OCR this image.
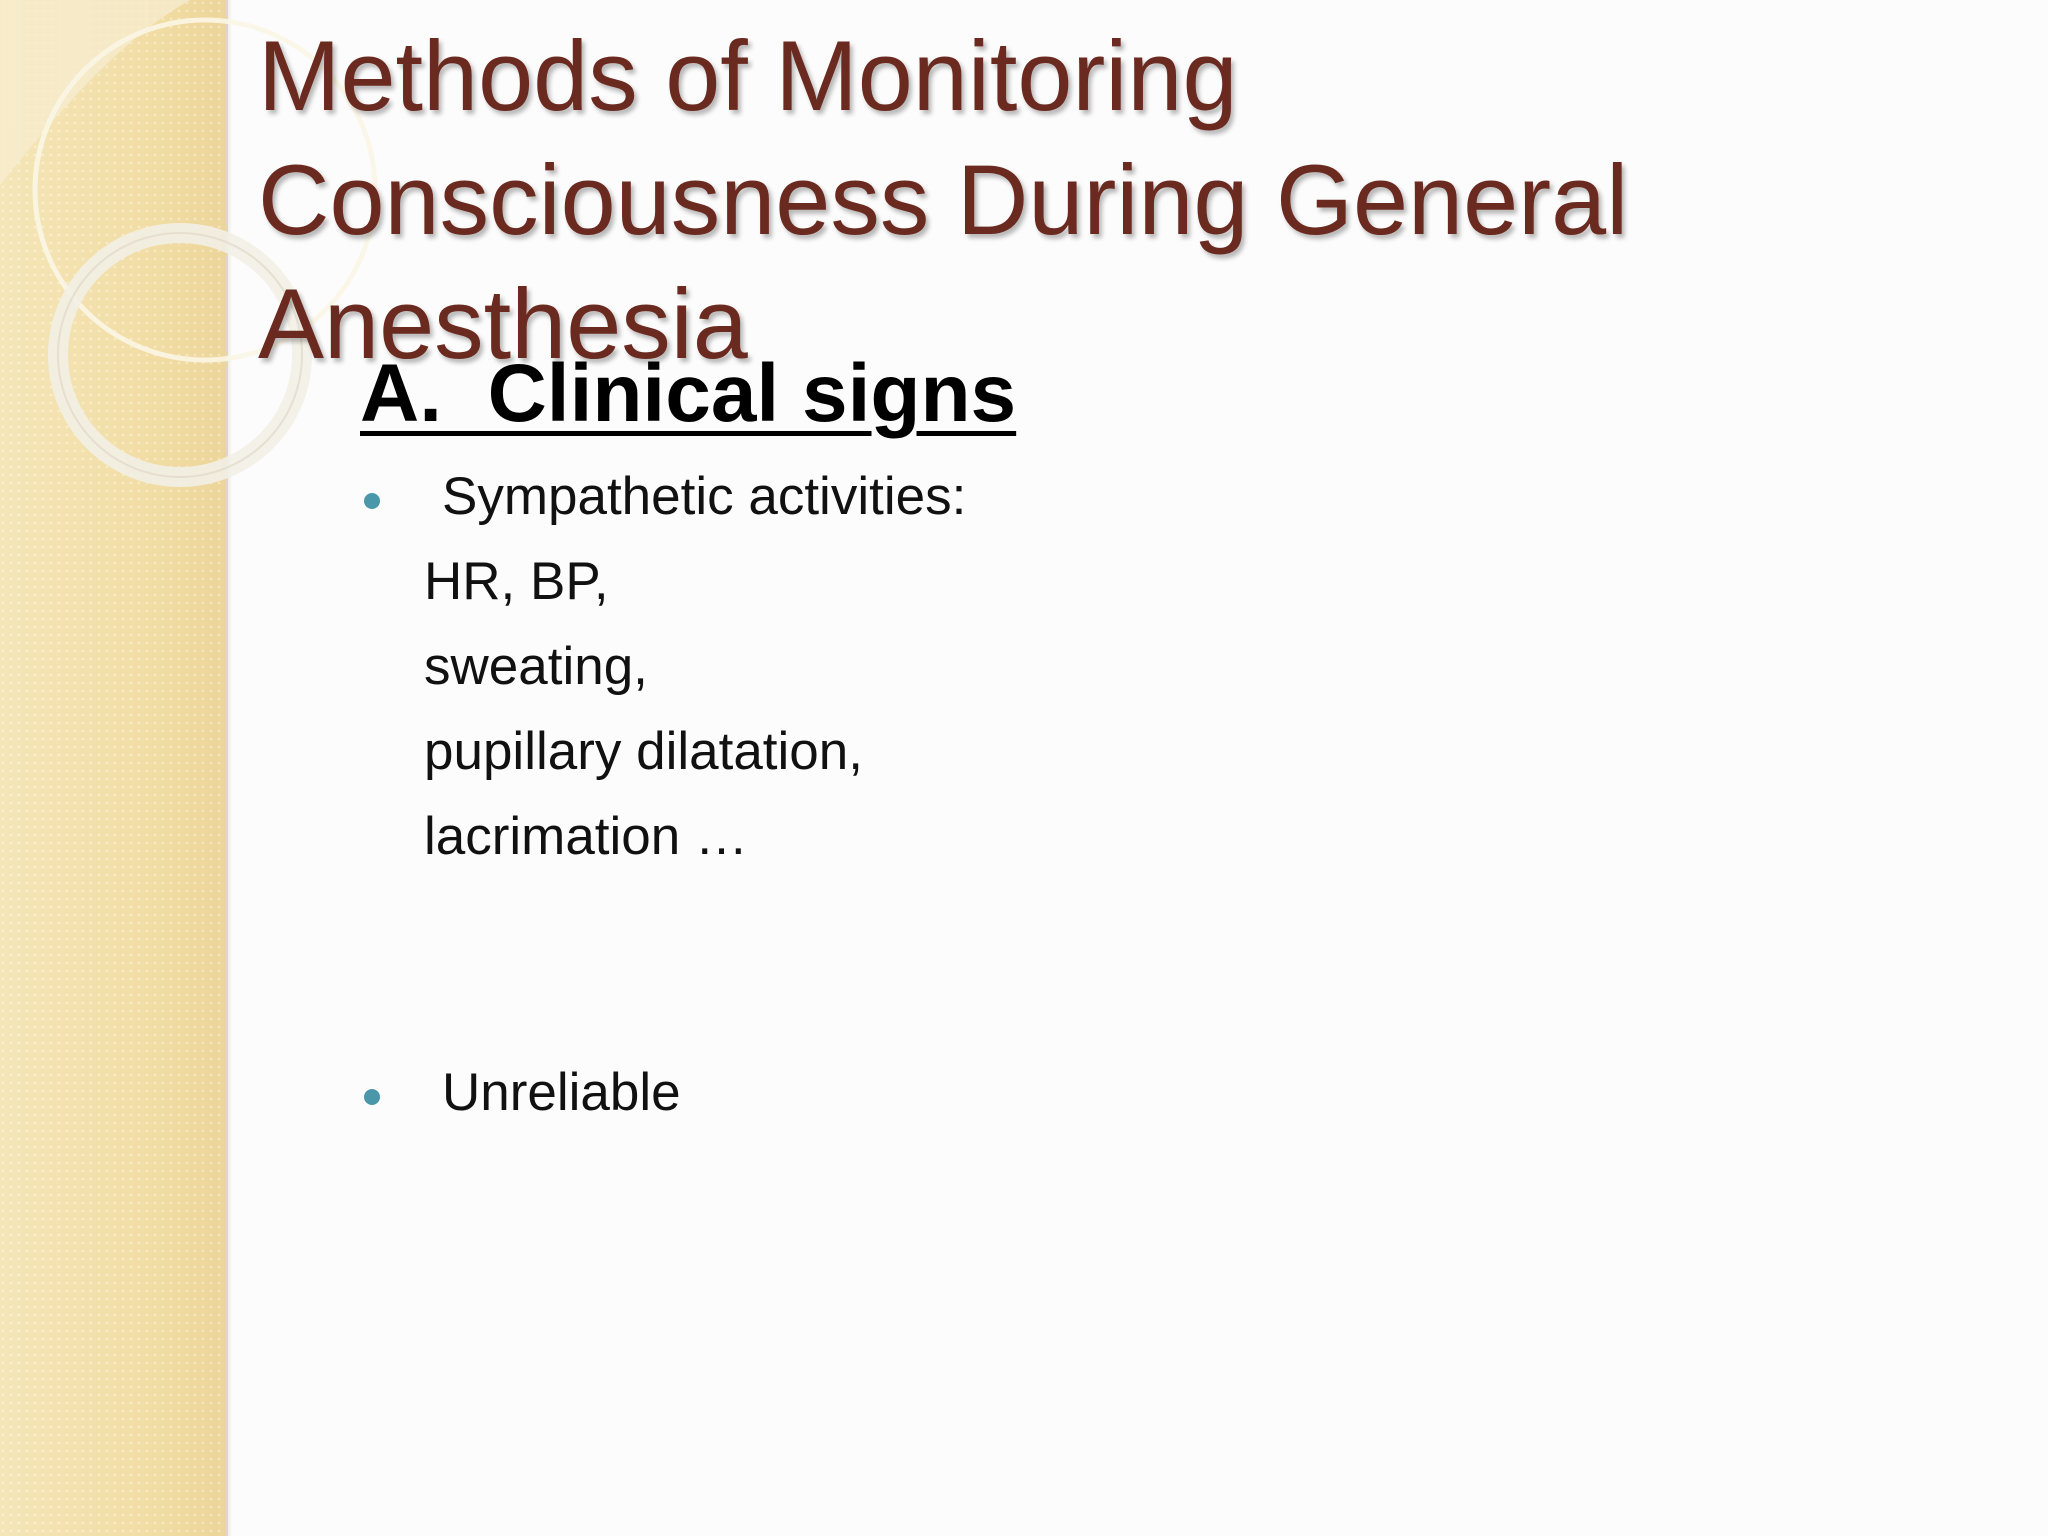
Methods of Monitoring Consciousness During General Anesthesia
A.  Clinical signs

Sympathetic activities:

HR, BP,

sweating,

pupillary dilatation,

lacrimation …

Unreliable
